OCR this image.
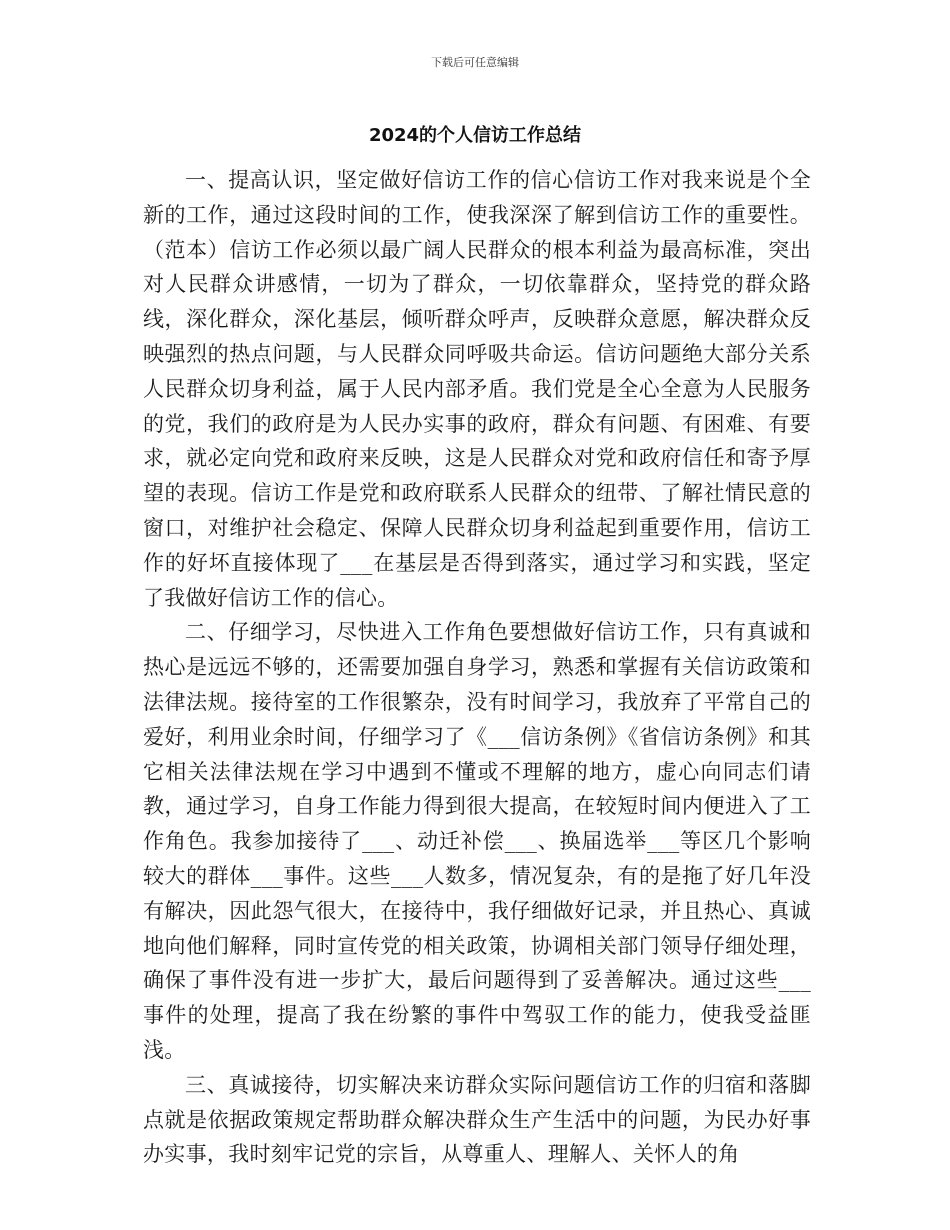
下载后可任意编辑
2024的个人信访工作总结

一、提高认识，坚定做好信访工作的信心信访工作对我来说是个全新的工作，通过这段时间的工作，使我深深了解到信访工作的重要性。（范本）信访工作必须以最广阔人民群众的根本利益为最高标准，突出对人民群众讲感情，一切为了群众，一切依靠群众，坚持党的群众路线，深化群众，深化基层，倾听群众呼声，反映群众意愿，解决群众反映强烈的热点问题，与人民群众同呼吸共命运。信访问题绝大部分关系人民群众切身利益，属于人民内部矛盾。我们党是全心全意为人民服务的党，我们的政府是为人民办实事的政府，群众有问题、有困难、有要求，就必定向党和政府来反映，这是人民群众对党和政府信任和寄予厚望的表现。信访工作是党和政府联系人民群众的纽带、了解社情民意的窗口，对维护社会稳定、保障人民群众切身利益起到重要作用，信访工作的好坏直接体现了___在基层是否得到落实，通过学习和实践，坚定了我做好信访工作的信心。

二、仔细学习，尽快进入工作角色要想做好信访工作，只有真诚和热心是远远不够的，还需要加强自身学习，熟悉和掌握有关信访政策和法律法规。接待室的工作很繁杂，没有时间学习，我放弃了平常自己的爱好，利用业余时间，仔细学习了《___信访条例》《省信访条例》和其它相关法律法规在学习中遇到不懂或不理解的地方，虚心向同志们请教，通过学习，自身工作能力得到很大提高，在较短时间内便进入了工作角色。我参加接待了___、动迁补偿___、换届选举___等区几个影响较大的群体___事件。这些___人数多，情况复杂，有的是拖了好几年没有解决，因此怨气很大，在接待中，我仔细做好记录，并且热心、真诚地向他们解释，同时宣传党的相关政策，协调相关部门领导仔细处理，确保了事件没有进一步扩大，最后问题得到了妥善解决。通过这些___事件的处理，提高了我在纷繁的事件中驾驭工作的能力，使我受益匪浅。

三、真诚接待，切实解决来访群众实际问题信访工作的归宿和落脚点就是依据政策规定帮助群众解决群众生产生活中的问题，为民办好事办实事，我时刻牢记党的宗旨，从尊重人、理解人、关怀人的角
